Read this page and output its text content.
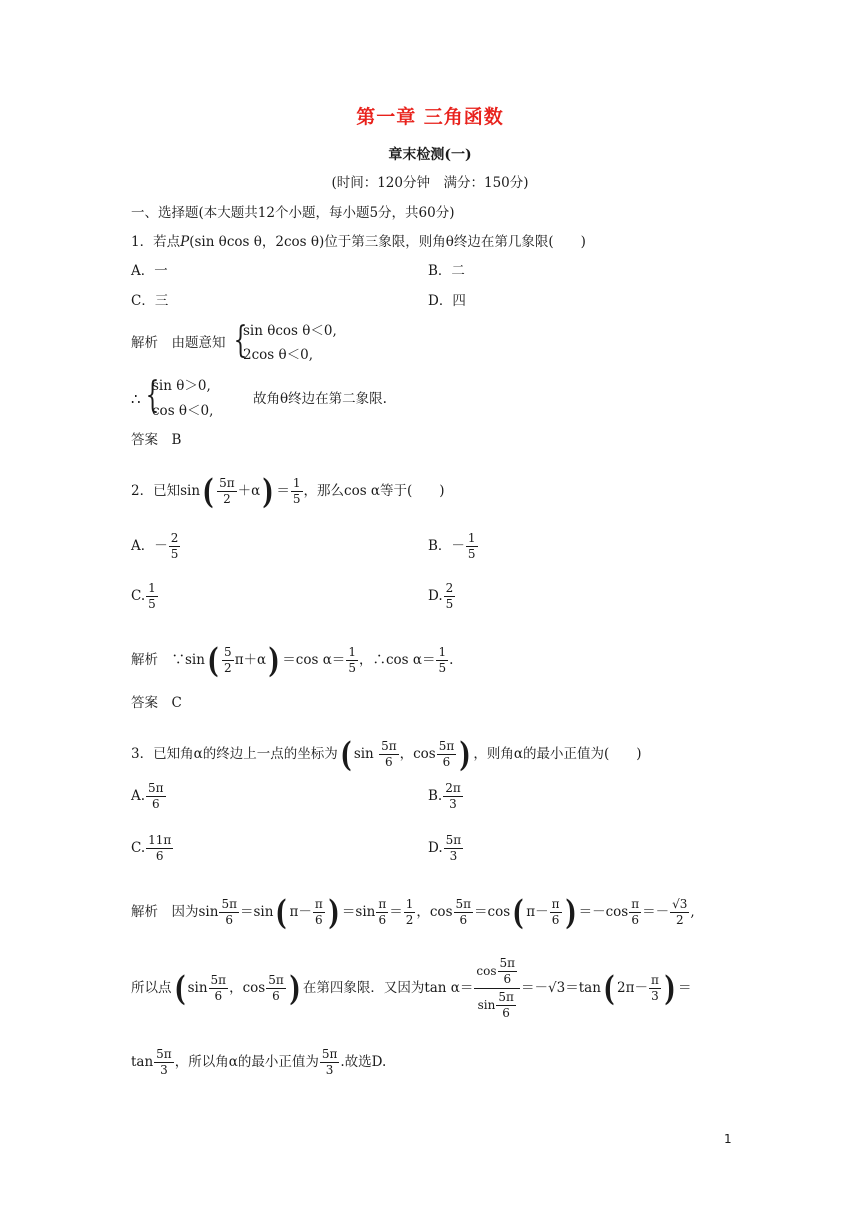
第一章 三角函数
章末检测(一)
(时间：120分钟　满分：150分)
一、选择题(本大题共12个小题，每小题5分，共60分)
1．若点P(sin θcos θ，2cos θ)位于第三象限，则角θ终边在第几象限(　　)
A．一	B．二
C．三	D．四
解析　 由题意知 {
sin θcos θ＜0,
2cos θ＜0,
∴ {
sin θ＞0,
cos θ＜0,
故角θ终边在第二象限.
答案　B
2．已知$\sin( \frac{5\pi}{2} +\alpha) = \frac{1}{5}$ ，那么cos α等于(　　)
A．－ $\frac{2}{5}$	B．－ $\frac{1}{5}$
C. $\frac{1}{5}$	D. $\frac{2}{5}$
解析　 ∵sin( $\frac{5}{2} \pi+\alpha) =\cos$ $\alpha= \frac{1}{5}$ ，∴cos $\alpha= \frac{1}{5}$ .
答案　C
3．已知角α的终边上一点的坐标为( $\sin \frac{5\pi}{6}$ ，$\cos \frac{5\pi}{6}$ ) ，则角α的最小正值为(　　)
A. $\frac{5\pi}{6}$	B. $\frac{2\pi}{3}$
C. $\frac{11\pi}{6}$	D. $\frac{5\pi}{3}$
解析　 因为$\sin \frac{5\pi}{6} =\sin$( $\pi- \frac{\pi}{6}$ ) $=\sin \frac{\pi}{6} = \frac{1}{2}$ ，$\cos \frac{5\pi}{6} =\cos$( $\pi- \frac{\pi}{6}$ ) $=-\cos \frac{\pi}{6} =- \frac{√3}{2}$ ,
所以点( $\sin \frac{5\pi}{6}$ ，$\cos \frac{5\pi}{6}$ ) 在第四象限．又因为$\tan \alpha= \frac{\cos \frac{5\pi}{6}}{\sin \frac{5\pi}{6}} =-√3=\tan$( $2\pi- \frac{\pi}{3}$ ) ＝
$\tan \frac{5\pi}{3}$ ，所以角α的最小正值为 $\frac{5\pi}{3}$ .故选D.
1
